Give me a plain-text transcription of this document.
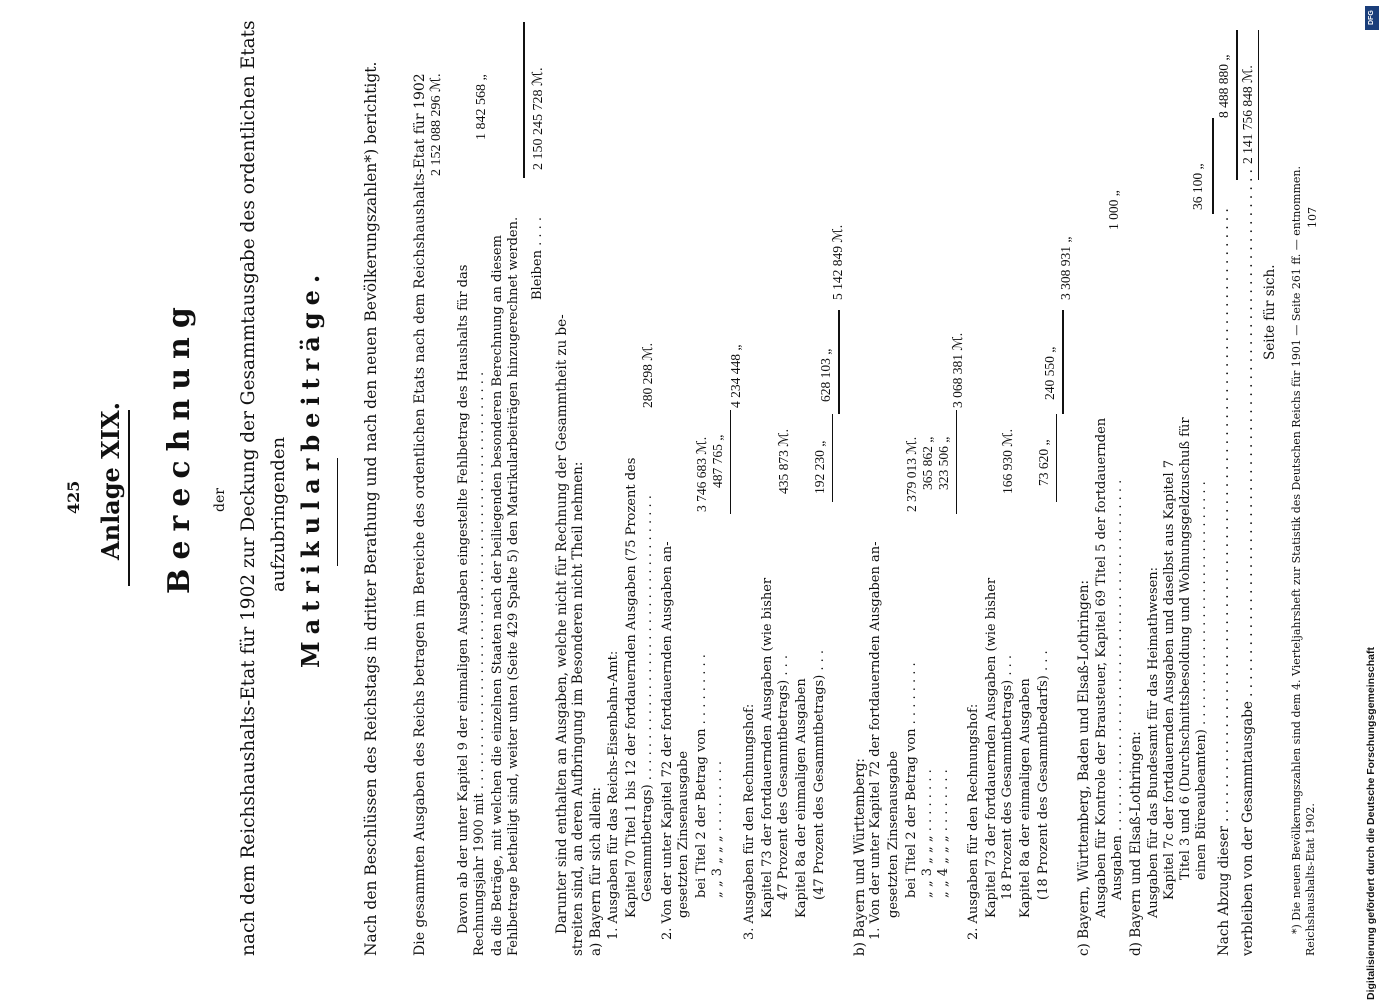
425 Anlage XIX. Berechnung der nach dem Reichshaushalts-Etat für 1902 zur Deckung der Gesammtausgabe des ordentlichen Etats aufzubringenden Matrikularbeiträge. Nach den Beschlüssen des Reichstags in dritter Berathung und nach den neuen Bevölkerungszahlen*) berichtigt. Die gesammten Ausgaben des Reichs betragen im Bereiche des ordentlichen Etats nach dem Reichshaushalts-Etat für 1902 2 152 088 296 ℳ.
Davon ab der unter Kapitel 9 der einmaligen Ausgaben eingestellte Fehlbetrag des Haushalts für das Rechnungsjahr 1900 mit . . . . . . . . . . . . . . . . . . . . . . . . . . . . . . . . . . . . . . . . . . . . . . . . . . .
1 842 568 „
da die Beträge, mit welchen die einzelnen Staaten nach der beiliegenden besonderen Berechnung an diesem Fehlbetrage betheiligt sind, weiter unten (Seite 429 Spalte 5) den Matrikularbeiträgen hinzugerechnet werden. Bleiben . . . .
2 150 245 728 ℳ.
Darunter sind enthalten an Ausgaben, welche nicht für Rechnung der Gesammtheit zu be- streiten sind, an deren Aufbringung im Besonderen nicht Theil nehmen: a) Bayern für sich allein: 1. Ausgaben für das Reichs-Eisenbahn-Amt: Kapitel 70 Titel 1 bis 12 der fortdauernden Ausgaben (75 Prozent des Gesammtbetrags) . . . . . . . . . . . . . . . . . . . . . . . . . . . . . . . . . . .
280 298 ℳ.
2. Von der unter Kapitel 72 der fortdauernden Ausgaben an- gesetzten Zinsenausgabe bei Titel 2 der Betrag von . . . . . . . . .
3 746 683 ℳ.
„ „ 3 „ „ „ . . . . . . . . .
487 765 „
4 234 448 „
3. Ausgaben für den Rechnungshof: Kapitel 73 der fortdauernden Ausgaben (wie bisher 47 Prozent des Gesammtbetrags) . . .
435 873 ℳ.
Kapitel 8a der einmaligen Ausgaben (47 Prozent des Gesammtbetrags) . . .
192 230 „
628 103 „
5 142 849 ℳ.
b) Bayern und Württemberg: 1. Von der unter Kapitel 72 der fortdauernden Ausgaben an- gesetzten Zinsenausgabe bei Titel 2 der Betrag von . . . . . . . .
2 379 013 ℳ.
„ „ 3 „ „ „ . . . . . . . .
365 862 „
„ „ 4 „ „ „ . . . . . . . .
323 506 „
3 068 381 ℳ.
2. Ausgaben für den Rechnungshof: Kapitel 73 der fortdauernden Ausgaben (wie bisher 18 Prozent des Gesammtbetrags) . . .
166 930 ℳ.
Kapitel 8a der einmaligen Ausgaben (18 Prozent des Gesammtbedarfs) . . .
73 620 „
240 550 „
3 308 931 „
c) Bayern, Württemberg, Baden und Elsaß-Lothringen: Ausgaben für Kontrole der Brausteuer, Kapitel 69 Titel 5 der fortdauernden Ausgaben . . . . . . . . . . . . . . . . . . . . . . . . . . . . . . . . . . . . . . . . . . .
1 000 „
d) Bayern und Elsaß-Lothringen: Ausgaben für das Bundesamt für das Heimathwesen: Kapitel 7c der fortdauernden Ausgaben und daselbst aus Kapitel 7 Titel 3 und 6 (Durchschnittsbesoldung und Wohnungsgeldzuschuß für einen Büreaubeamten) . . . . . . . . . . . . . . . . . . . . . . . . . . . . . .
36 100 „
Nach Abzug dieser . . . . . . . . . . . . . . . . . . . . . . . . . . . . . . . . . . . . . . . . . . . . . . . . . . . . . . . . . . . . . . . . . . . . . . . .
8 488 880 „
verbleiben von der Gesammtausgabe . . . . . . . . . . . . . . . . . . . . . . . . . . . . . . . . . . . . . . . . . . . . . . . . . . . . . . . . . . . . . .
2 141 756 848 ℳ.
Seite für sich. *) Die neuen Bevölkerungszahlen sind dem 4. Vierteljahrsheft zur Statistik des Deutschen Reichs für 1901 — Seite 261 ff. — entnommen. Reichshaushalts-Etat 1902.
107
DFG
Digitalisierung gefördert durch die Deutsche Forschungsgemeinschaft
